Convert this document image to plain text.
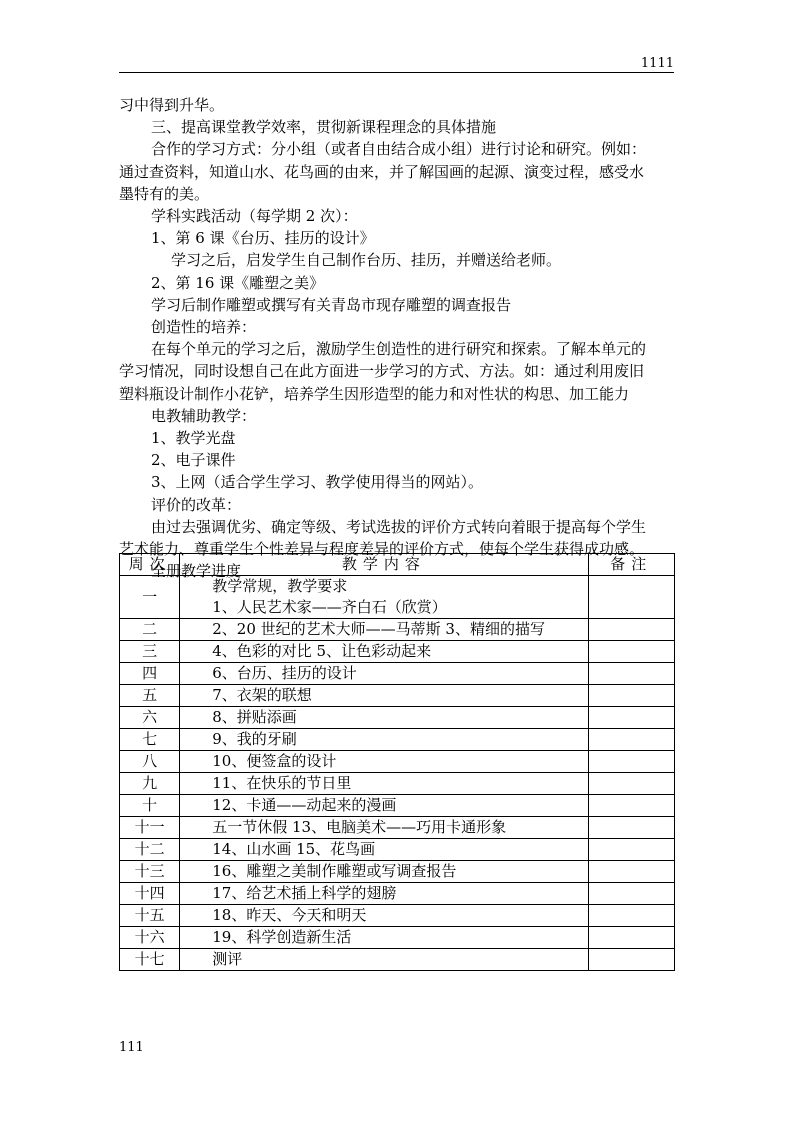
1111

习中得到升华。

三、提高课堂教学效率，贯彻新课程理念的具体措施

合作的学习方式：分小组（或者自由结合成小组）进行讨论和研究。例如：

通过查资料，知道山水、花鸟画的由来，并了解国画的起源、演变过程，感受水

墨特有的美。

学科实践活动（每学期 2 次）：

1、第 6 课《台历、挂历的设计》

学习之后，启发学生自己制作台历、挂历，并赠送给老师。

2、第 16 课《雕塑之美》

学习后制作雕塑或撰写有关青岛市现存雕塑的调查报告

创造性的培养：

在每个单元的学习之后，激励学生创造性的进行研究和探索。了解本单元的

学习情况，同时设想自己在此方面进一步学习的方式、方法。如：通过利用废旧

塑料瓶设计制作小花铲，培养学生因形造型的能力和对性状的构思、加工能力

电教辅助教学：

1、教学光盘

2、电子课件

3、上网（适合学生学习、教学使用得当的网站）。

评价的改革：

由过去强调优劣、确定等级、考试选拔的评价方式转向着眼于提高每个学生

艺术能力、尊重学生个性差异与程度差异的评价方式，使每个学生获得成功感。

全册教学进度

周次	教学内容	备注
一	教学常规，教学要求
1、人民艺术家——齐白石（欣赏）	

二	2、20 世纪的艺术大师——马蒂斯 3、精细的描写	
三	4、色彩的对比 5、让色彩动起来	
四	6、台历、挂历的设计	
五	7、衣架的联想	
六	8、拼贴添画	
七	9、我的牙刷	
八	10、便签盒的设计	
九	11、在快乐的节日里	
十	12、卡通——动起来的漫画	
十一	五一节休假 13、电脑美术——巧用卡通形象	
十二	14、山水画 15、花鸟画	
十三	16、雕塑之美制作雕塑或写调查报告	
十四	17、给艺术插上科学的翅膀	
十五	18、昨天、今天和明天	
十六	19、科学创造新生活	
十七	测评	
111
